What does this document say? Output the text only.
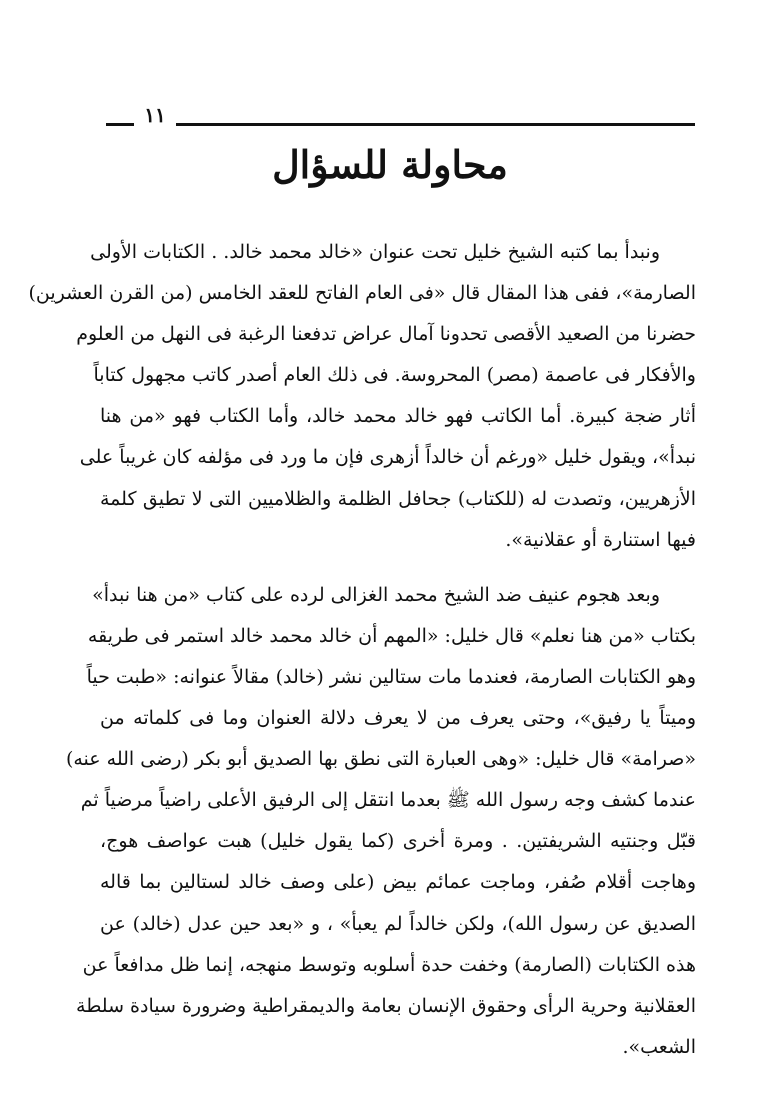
١١
محاولة للسؤال
ونبدأ بما كتبه الشيخ خليل تحت عنوان «خالد محمد خالد. . الكتابات الأولى
الصارمة»، ففى هذا المقال قال «فى العام الفاتح للعقد الخامس (من القرن العشرين)
حضرنا من الصعيد الأقصى تحدونا آمال عراض تدفعنا الرغبة فى النهل من العلوم
والأفكار فى عاصمة (مصر) المحروسة. فى ذلك العام أصدر كاتب مجهول كتاباً
أثار ضجة كبيرة. أما الكاتب فهو خالد محمد خالد، وأما الكتاب فهو «من هنا
نبدأ»، ويقول خليل «ورغم أن خالداً أزهرى فإن ما ورد فى مؤلفه كان غريباً على
الأزهريين، وتصدت له (للكتاب) جحافل الظلمة والظلاميين التى لا تطيق كلمة
فيها استنارة أو عقلانية».
وبعد هجوم عنيف ضد الشيخ محمد الغزالى لرده على كتاب «من هنا نبدأ»
بكتاب «من هنا نعلم» قال خليل: «المهم أن خالد محمد خالد استمر فى طريقه
وهو الكتابات الصارمة، فعندما مات ستالين نشر (خالد) مقالاً عنوانه: «طبت حياً
وميتاً يا رفيق»، وحتى يعرف من لا يعرف دلالة العنوان وما فى كلماته من
«صرامة» قال خليل: «وهى العبارة التى نطق بها الصديق أبو بكر (رضى الله عنه)
عندما كشف وجه رسول الله ﷺ بعدما انتقل إلى الرفيق الأعلى راضياً مرضياً ثم
قبّل وجنتيه الشريفتين. . ومرة أخرى (كما يقول خليل) هبت عواصف هوج،
وهاجت أقلام صُفر، وماجت عمائم بيض (على وصف خالد لستالين بما قاله
الصديق عن رسول الله)، ولكن خالداً لم يعبأ» ، و «بعد حين عدل (خالد) عن
هذه الكتابات (الصارمة) وخفت حدة أسلوبه وتوسط منهجه، إنما ظل مدافعاً عن
العقلانية وحرية الرأى وحقوق الإنسان بعامة والديمقراطية وضرورة سيادة سلطة
الشعب».
